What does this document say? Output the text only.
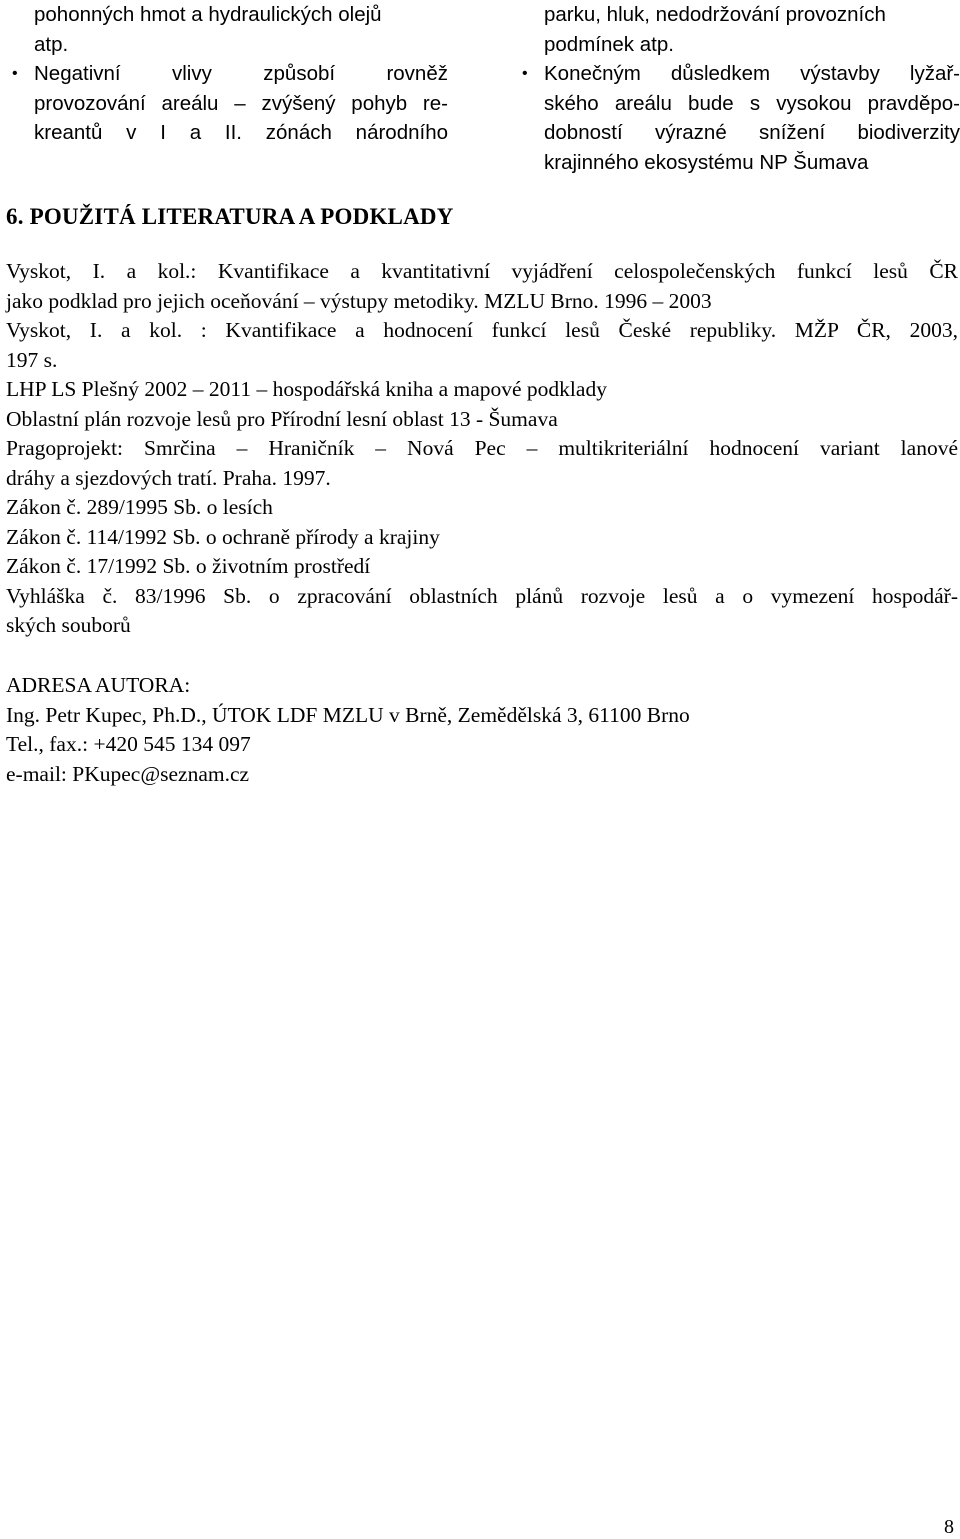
pohonných hmot a hydraulických olejů
atp.
• Negativní vlivy způsobí rovněž
provozování areálu – zvýšený pohyb re-
kreantů v I a II. zónách národního
parku, hluk, nedodržování provozních
podmínek atp.
• Konečným důsledkem výstavby lyžař-
ského areálu bude s vysokou pravděpo-
dobností výrazné snížení biodiverzity
krajinného ekosystému NP Šumava
6. POUŽITÁ LITERATURA A PODKLADY
Vyskot, I. a kol.: Kvantifikace a kvantitativní vyjádření celospolečenských funkcí lesů ČR
jako podklad pro jejich oceňování – výstupy metodiky. MZLU Brno. 1996 – 2003
Vyskot, I. a kol. : Kvantifikace a hodnocení funkcí lesů České republiky. MŽP ČR, 2003,
197 s.
LHP LS Plešný 2002 – 2011 – hospodářská kniha a mapové podklady
Oblastní plán rozvoje lesů pro Přírodní lesní oblast 13 - Šumava
Pragoprojekt: Smrčina – Hraničník – Nová Pec – multikriteriální hodnocení variant lanové
dráhy a sjezdových tratí. Praha. 1997.
Zákon č. 289/1995 Sb. o lesích
Zákon č. 114/1992 Sb. o ochraně přírody a krajiny
Zákon č. 17/1992 Sb. o životním prostředí
Vyhláška č. 83/1996 Sb. o zpracování oblastních plánů rozvoje lesů a o vymezení hospodář-
ských souborů
ADRESA AUTORA:
Ing. Petr Kupec, Ph.D., ÚTOK LDF MZLU v Brně, Zemědělská 3, 61100 Brno
Tel., fax.: +420 545 134 097
e-mail: PKupec@seznam.cz
8
